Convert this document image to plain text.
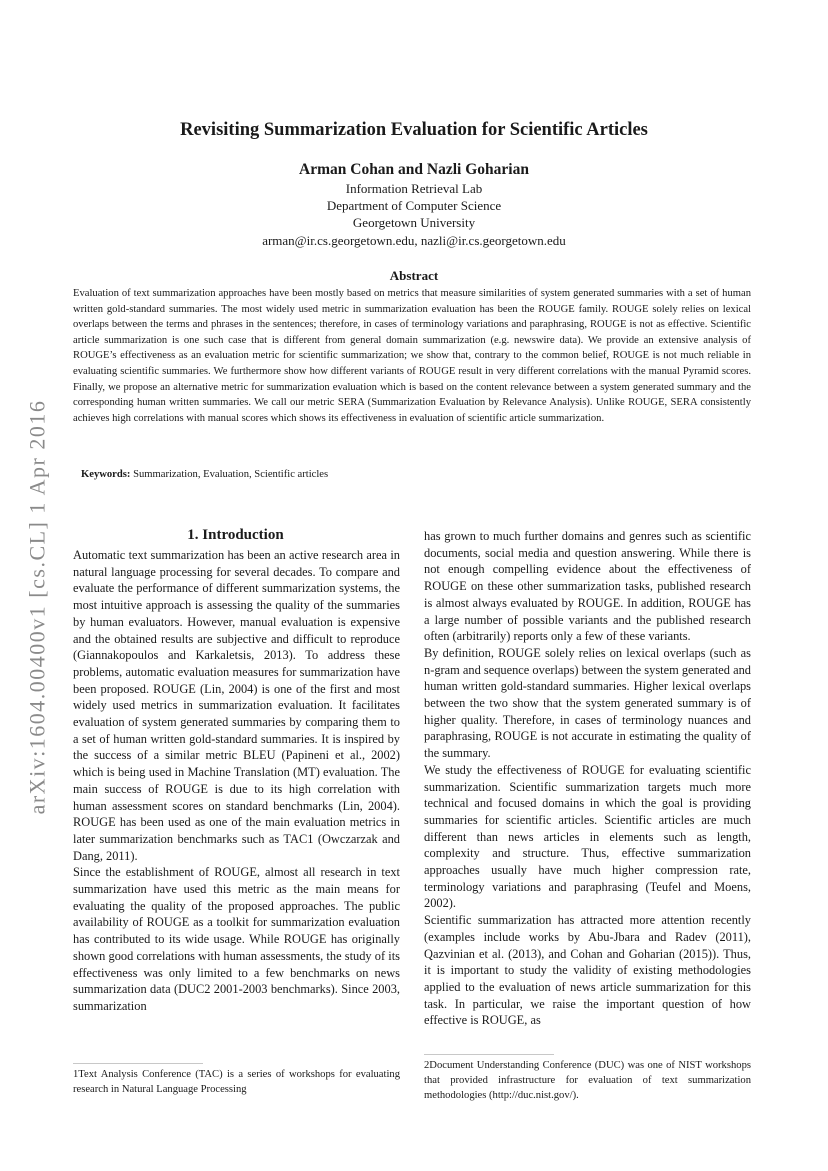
arXiv:1604.00400v1 [cs.CL] 1 Apr 2016
Revisiting Summarization Evaluation for Scientific Articles
Arman Cohan and Nazli Goharian
Information Retrieval Lab
Department of Computer Science
Georgetown University
arman@ir.cs.georgetown.edu, nazli@ir.cs.georgetown.edu
Abstract
Evaluation of text summarization approaches have been mostly based on metrics that measure similarities of system generated summaries with a set of human written gold-standard summaries. The most widely used metric in summarization evaluation has been the ROUGE family. ROUGE solely relies on lexical overlaps between the terms and phrases in the sentences; therefore, in cases of terminology variations and paraphrasing, ROUGE is not as effective. Scientific article summarization is one such case that is different from general domain summarization (e.g. newswire data). We provide an extensive analysis of ROUGE’s effectiveness as an evaluation metric for scientific summarization; we show that, contrary to the common belief, ROUGE is not much reliable in evaluating scientific summaries. We furthermore show how different variants of ROUGE result in very different correlations with the manual Pyramid scores. Finally, we propose an alternative metric for summarization evaluation which is based on the content relevance between a system generated summary and the corresponding human written summaries. We call our metric SERA (Summarization Evaluation by Relevance Analysis). Unlike ROUGE, SERA consistently achieves high correlations with manual scores which shows its effectiveness in evaluation of scientific article summarization.
Keywords: Summarization, Evaluation, Scientific articles
1. Introduction

Automatic text summarization has been an active research area in natural language processing for several decades. To compare and evaluate the performance of different summarization systems, the most intuitive approach is assessing the quality of the summaries by human evaluators. However, manual evaluation is expensive and the obtained results are subjective and difficult to reproduce (Giannakopoulos and Karkaletsis, 2013). To address these problems, automatic evaluation measures for summarization have been proposed. ROUGE (Lin, 2004) is one of the first and most widely used metrics in summarization evaluation. It facilitates evaluation of system generated summaries by comparing them to a set of human written gold-standard summaries. It is inspired by the success of a similar metric BLEU (Papineni et al., 2002) which is being used in Machine Translation (MT) evaluation. The main success of ROUGE is due to its high correlation with human assessment scores on standard benchmarks (Lin, 2004). ROUGE has been used as one of the main evaluation metrics in later summarization benchmarks such as TAC1 (Owczarzak and Dang, 2011).

Since the establishment of ROUGE, almost all research in text summarization have used this metric as the main means for evaluating the quality of the proposed approaches. The public availability of ROUGE as a toolkit for summarization evaluation has contributed to its wide usage. While ROUGE has originally shown good correlations with human assessments, the study of its effectiveness was only limited to a few benchmarks on news summarization data (DUC2 2001-2003 benchmarks). Since 2003, summarization

has grown to much further domains and genres such as scientific documents, social media and question answering. While there is not enough compelling evidence about the effectiveness of ROUGE on these other summarization tasks, published research is almost always evaluated by ROUGE. In addition, ROUGE has a large number of possible variants and the published research often (arbitrarily) reports only a few of these variants.

By definition, ROUGE solely relies on lexical overlaps (such as n-gram and sequence overlaps) between the system generated and human written gold-standard summaries. Higher lexical overlaps between the two show that the system generated summary is of higher quality. Therefore, in cases of terminology nuances and paraphrasing, ROUGE is not accurate in estimating the quality of the summary.

We study the effectiveness of ROUGE for evaluating scientific summarization. Scientific summarization targets much more technical and focused domains in which the goal is providing summaries for scientific articles. Scientific articles are much different than news articles in elements such as length, complexity and structure. Thus, effective summarization approaches usually have much higher compression rate, terminology variations and paraphrasing (Teufel and Moens, 2002).

Scientific summarization has attracted more attention recently (examples include works by Abu-Jbara and Radev (2011), Qazvinian et al. (2013), and Cohan and Goharian (2015)). Thus, it is important to study the validity of existing methodologies applied to the evaluation of news article summarization for this task. In particular, we raise the important question of how effective is ROUGE, as

1Text Analysis Conference (TAC) is a series of workshops for evaluating research in Natural Language Processing
2Document Understanding Conference (DUC) was one of NIST workshops that provided infrastructure for evaluation of text summarization methodologies (http://duc.nist.gov/).
